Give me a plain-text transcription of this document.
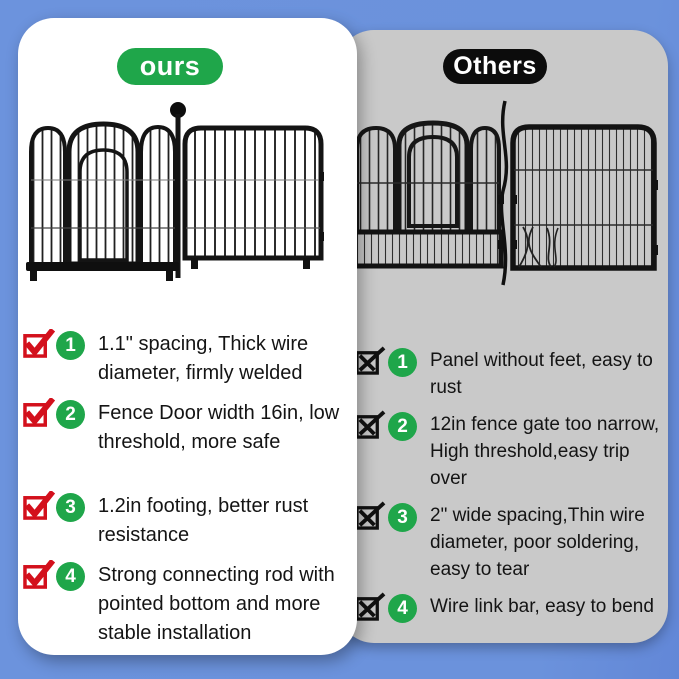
Others
1	Panel without feet, easy to rust
2	12in fence gate too narrow, High threshold,easy trip over
3	2" wide spacing,Thin wire diameter, poor soldering, easy to tear
4	Wire link bar, easy to bend
ours
1	1.1" spacing, Thick wire diameter, firmly welded
2	Fence Door width 16in, low threshold, more safe
3	1.2in footing, better rust resistance
4	Strong connecting rod with pointed bottom and more stable installation
